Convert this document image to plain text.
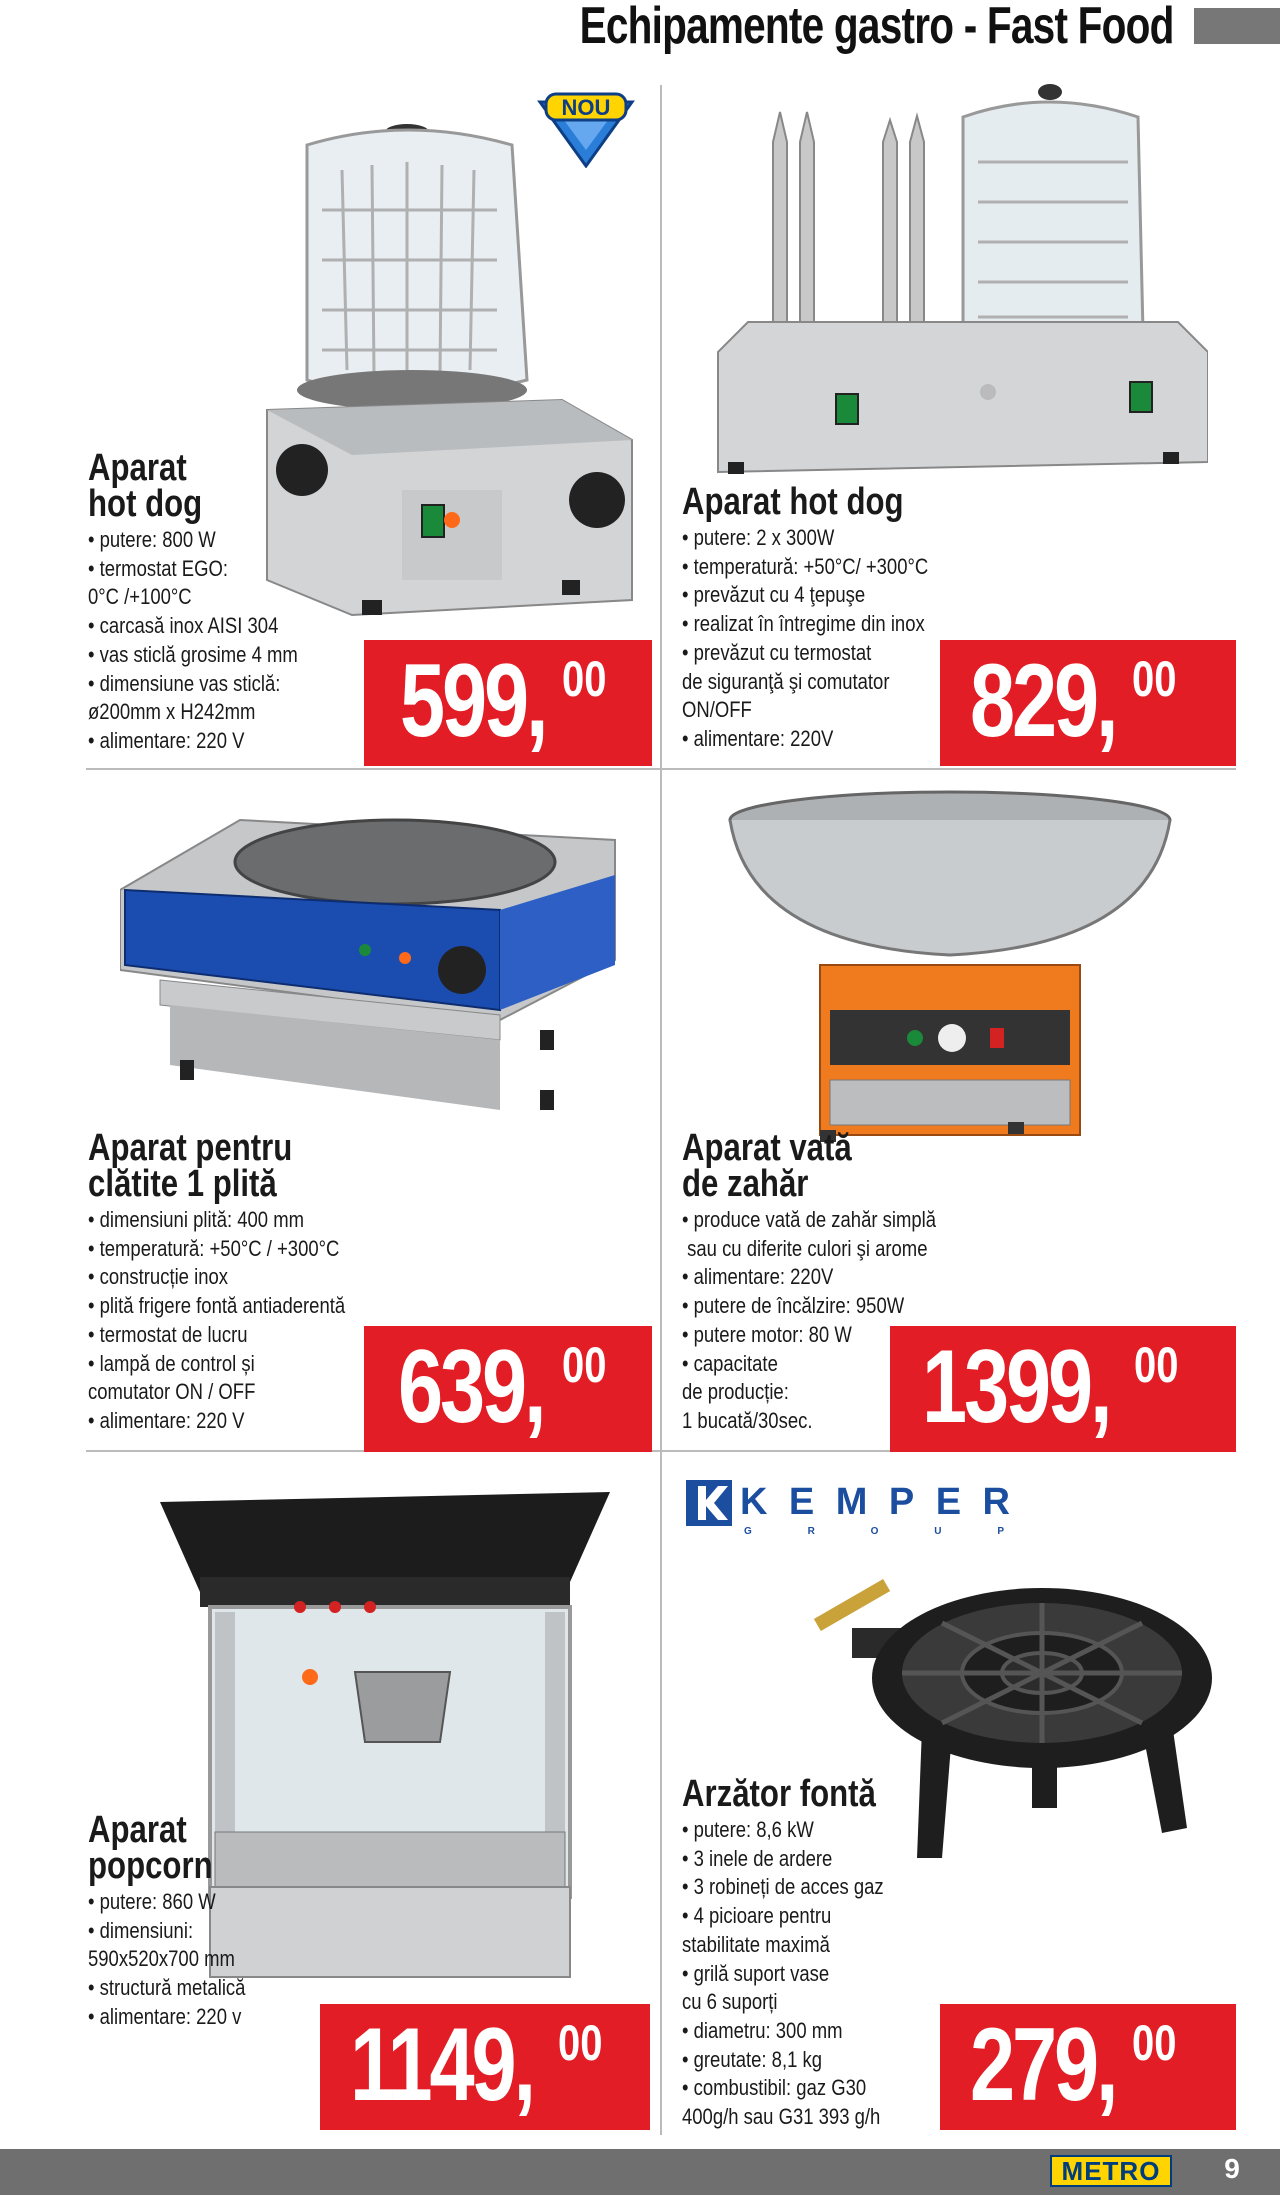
Echipamente gastro - Fast Food
NOU
Aparat
hot dog
• putere: 800 W
• termostat EGO:
0°C /+100°C
• carcasă inox AISI 304
• vas sticlă grosime 4 mm
• dimensiune vas sticlă:
ø200mm x H242mm
• alimentare: 220 V	599, 00
Aparat hot dog
• putere: 2 x 300W
• temperatură: +50°C/ +300°C
• prevăzut cu 4 ţepuşe
• realizat în întregime din inox
• prevăzut cu termostat
de siguranţă şi comutator
ON/OFF
• alimentare: 220V	829, 00
Aparat pentru
clătite 1 plită
• dimensiuni plită: 400 mm
• temperatură: +50°C / +300°C
• construcție inox
• plită frigere fontă antiaderentă
• termostat de lucru
• lampă de control și
comutator ON / OFF
• alimentare: 220 V	639, 00
Aparat vată
de zahăr
• produce vată de zahăr simplă
sau cu diferite culori şi arome
• alimentare: 220V
• putere de încălzire: 950W
• putere motor: 80 W
• capacitate
de producție:
1 bucată/30sec.	1399, 00
Aparat
popcorn
• putere: 860 W
• dimensiuni:
590x520x700 mm
• structură metalică
• alimentare: 220 v 1149, 00
KEMPER
G R O U P
Arzător fontă
• putere: 8,6 kW
• 3 inele de ardere
• 3 robineți de acces gaz
• 4 picioare pentru
stabilitate maximă
• grilă suport vase
cu 6 suporți
• diametru: 300 mm
• greutate: 8,1 kg
• combustibil: gaz G30
400g/h sau G31 393 g/h 279, 00
METRO	9
